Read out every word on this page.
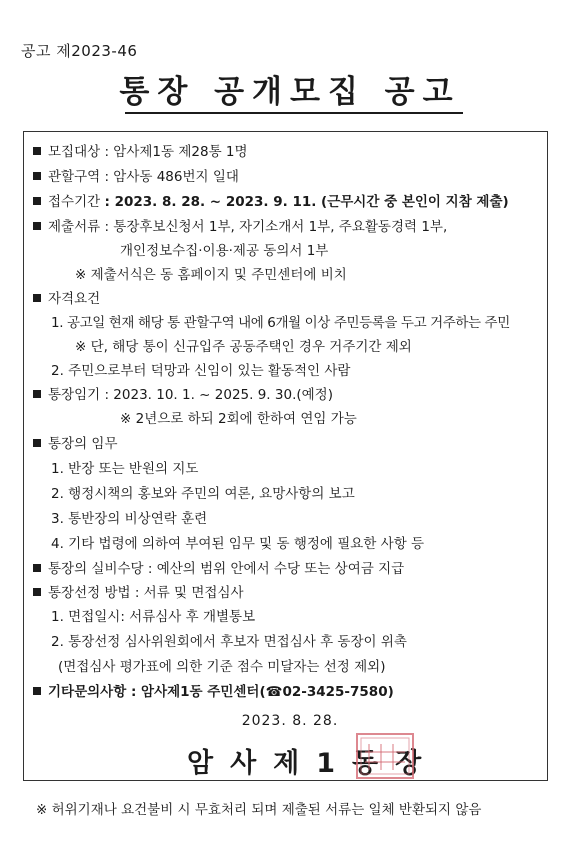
공고 제2023-46
통장 공개모집 공고
모집대상 : 암사제1동 제28통 1명
관할구역 : 암사동 486번지 일대
접수기간 : 2023. 8. 28. ~ 2023. 9. 11. (근무시간 중 본인이 지참 제출)
제출서류 : 통장후보신청서 1부, 자기소개서 1부, 주요활동경력 1부,
개인정보수집·이용·제공 동의서 1부
※ 제출서식은 동 홈페이지 및 주민센터에 비치
자격요건
1. 공고일 현재 해당 통 관할구역 내에 6개월 이상 주민등록을 두고 거주하는 주민
※ 단, 해당 통이 신규입주 공동주택인 경우 거주기간 제외
2. 주민으로부터 덕망과 신임이 있는 활동적인 사람
통장임기 : 2023. 10. 1. ~ 2025. 9. 30.(예정)
※ 2년으로 하되 2회에 한하여 연임 가능
통장의 임무
1. 반장 또는 반원의 지도
2. 행정시책의 홍보와 주민의 여론, 요망사항의 보고
3. 통반장의 비상연락 훈련
4. 기타 법령에 의하여 부여된 임무 및 동 행정에 필요한 사항 등
통장의 실비수당 : 예산의 범위 안에서 수당 또는 상여금 지급
통장선정 방법 : 서류 및 면접심사
1. 면접일시: 서류심사 후 개별통보
2. 통장선정 심사위원회에서 후보자 면접심사 후 동장이 위촉
(면접심사 평가표에 의한 기준 점수 미달자는 선정 제외)
기타문의사항 : 암사제1동 주민센터(☎02-3425-7580)
2023. 8. 28.
암사제1동장
※ 허위기재나 요건불비 시 무효처리 되며 제출된 서류는 일체 반환되지 않음
